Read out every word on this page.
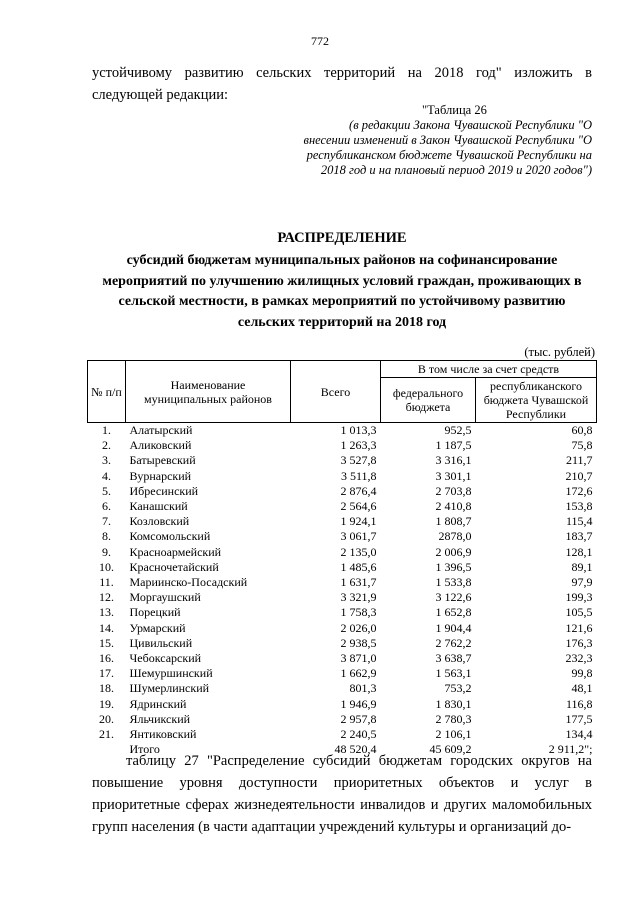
772
устойчивому развитию сельских территорий на 2018 год" изложить в следующей редакции:
"Таблица 26
(в редакции Закона Чувашской Республики "О внесении изменений в Закон Чувашской Республики "О республиканском бюджете Чувашской Республики на 2018 год и на плановый период 2019 и 2020 годов")
РАСПРЕДЕЛЕНИЕ
субсидий бюджетам муниципальных районов на софинансирование мероприятий по улучшению жилищных условий граждан, проживающих в сельской местности, в рамках мероприятий по устойчивому развитию сельских территорий на 2018 год
(тыс. рублей)
№ п/п	Наименование муниципальных районов	Всего	В том числе за счет средств	
			федерального бюджета	республиканского бюджета Чувашской Республики
1.	Алатырский	1 013,3	952,5	60,8
2.	Аликовский	1 263,3	1 187,5	75,8
3.	Батыревский	3 527,8	3 316,1	211,7
4.	Вурнарский	3 511,8	3 301,1	210,7
5.	Ибресинский	2 876,4	2 703,8	172,6
6.	Канашский	2 564,6	2 410,8	153,8
7.	Козловский	1 924,1	1 808,7	115,4
8.	Комсомольский	3 061,7	2878,0	183,7
9.	Красноармейский	2 135,0	2 006,9	128,1
10.	Красночетайский	1 485,6	1 396,5	89,1
11.	Мариинско-Посадский	1 631,7	1 533,8	97,9
12.	Моргаушский	3 321,9	3 122,6	199,3
13.	Порецкий	1 758,3	1 652,8	105,5
14.	Урмарский	2 026,0	1 904,4	121,6
15.	Цивильский	2 938,5	2 762,2	176,3
16.	Чебоксарский	3 871,0	3 638,7	232,3
17.	Шемуршинский	1 662,9	1 563,1	99,8
18.	Шумерлинский	801,3	753,2	48,1
19.	Ядринский	1 946,9	1 830,1	116,8
20.	Яльчикский	2 957,8	2 780,3	177,5
21.	Янтиковский	2 240,5	2 106,1	134,4
	Итого	48 520,4	45 609,2	2 911,2";
таблицу 27 "Распределение субсидий бюджетам городских округов на повышение уровня доступности приоритетных объектов и услуг в приоритетные сферах жизнедеятельности инвалидов и других маломобильных групп населения (в части адаптации учреждений культуры и организаций до-
